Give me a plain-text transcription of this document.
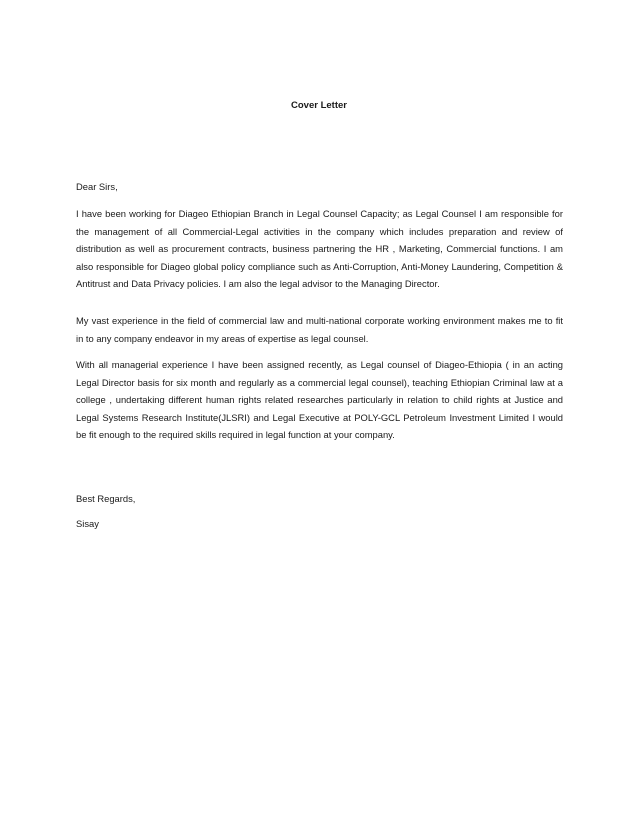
Cover Letter
Dear Sirs,
I have been working for Diageo Ethiopian Branch in Legal Counsel Capacity; as Legal Counsel I am responsible for the management of all Commercial-Legal activities in the company which includes preparation and review of distribution as well as procurement contracts, business partnering the HR , Marketing, Commercial functions. I am also responsible for Diageo global policy compliance such as Anti-Corruption, Anti-Money Laundering, Competition & Antitrust and Data Privacy policies. I am also the legal advisor to the Managing Director.
My vast experience in the field of commercial law and multi-national corporate working environment makes me to fit in to any company endeavor in my areas of expertise as legal counsel.
With all managerial experience I have been assigned recently, as Legal counsel of Diageo-Ethiopia ( in an acting Legal Director basis for six month and regularly as a commercial legal counsel), teaching Ethiopian Criminal law at a college , undertaking different human rights related researches particularly in relation to child rights at Justice and Legal Systems Research Institute(JLSRI) and Legal Executive at POLY-GCL Petroleum Investment Limited I would be fit enough to the required skills required in legal function at your company.
Best Regards,
Sisay
